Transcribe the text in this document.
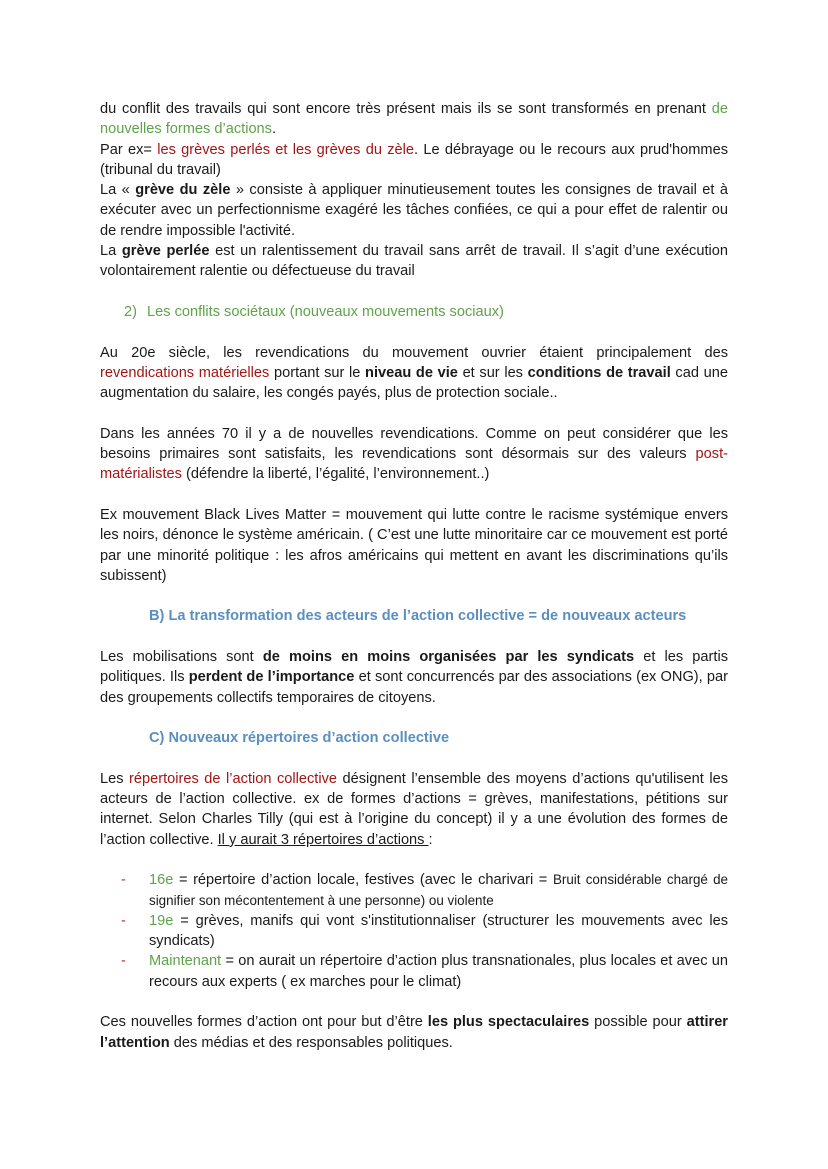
du conflit des travails qui sont encore très présent mais ils se sont transformés en prenant de nouvelles formes d’actions.

Par ex= les grèves perlés et les grèves du zèle. Le débrayage ou le recours aux prud'hommes (tribunal du travail)

La « grève du zèle » consiste à appliquer minutieusement toutes les consignes de travail et à exécuter avec un perfectionnisme exagéré les tâches confiées, ce qui a pour effet de ralentir ou de rendre impossible l'activité.

La grève perlée est un ralentissement du travail sans arrêt de travail. Il s’agit d’une exécution volontairement ralentie ou défectueuse du travail

2) Les conflits sociétaux (nouveaux mouvements sociaux)

Au 20e siècle, les revendications du mouvement ouvrier étaient principalement des revendications matérielles portant sur le niveau de vie et sur les conditions de travail cad une augmentation du salaire, les congés payés, plus de protection sociale..

Dans les années 70 il y a de nouvelles revendications. Comme on peut considérer que les besoins primaires sont satisfaits, les revendications sont désormais sur des valeurs post-matérialistes (défendre la liberté, l’égalité, l’environnement..)

Ex mouvement Black Lives Matter = mouvement qui lutte contre le racisme systémique envers les noirs, dénonce le système américain. ( C’est une lutte minoritaire car ce mouvement est porté par une minorité politique : les afros américains qui mettent en avant les discriminations qu’ils subissent)

B) La transformation des acteurs de l’action collective = de nouveaux acteurs

Les mobilisations sont de moins en moins organisées par les syndicats et les partis politiques. Ils perdent de l’importance et sont concurrencés par des associations (ex ONG), par des groupements collectifs temporaires de citoyens.

C) Nouveaux répertoires d’action collective

Les répertoires de l’action collective désignent l’ensemble des moyens d’actions qu'utilisent les acteurs de l’action collective. ex de formes d’actions = grèves, manifestations, pétitions sur internet. Selon Charles Tilly (qui est à l’origine du concept) il y a une évolution des formes de l’action collective. Il y aurait 3 répertoires d’actions :

- 16e = répertoire d’action locale, festives (avec le charivari = Bruit considérable chargé de signifier son mécontentement à une personne) ou violente
- 19e = grèves, manifs qui vont s'institutionnaliser (structurer les mouvements avec les syndicats)
- Maintenant = on aurait un répertoire d’action plus transnationales, plus locales et avec un recours aux experts ( ex marches pour le climat)

Ces nouvelles formes d’action ont pour but d’être les plus spectaculaires possible pour attirer l’attention des médias et des responsables politiques.
